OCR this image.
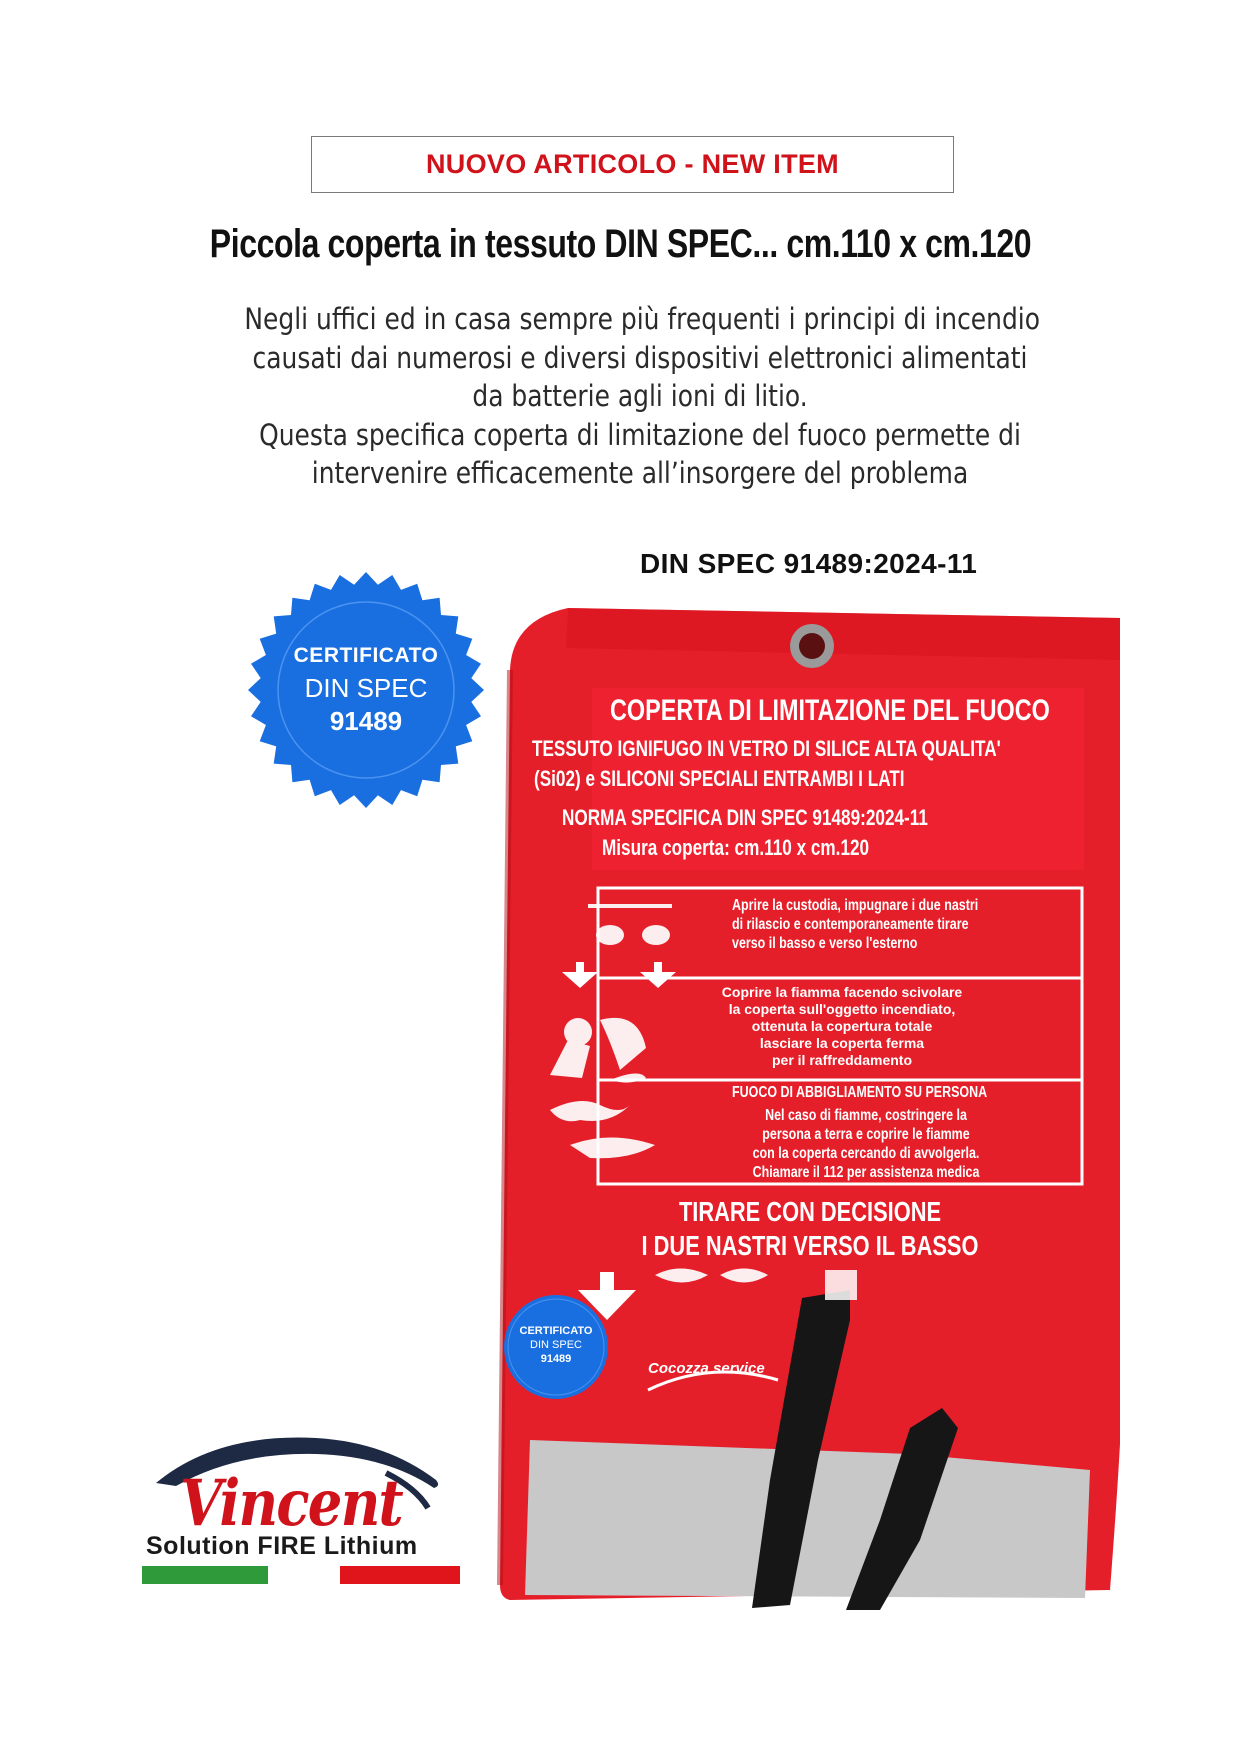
NUOVO ARTICOLO - NEW ITEM
Piccola coperta in tessuto DIN SPEC... cm.110 x cm.120
Negli uffici ed in casa sempre più frequenti i principi di incendio
causati dai numerosi e diversi dispositivi elettronici alimentati
da batterie agli ioni di litio.
Questa specifica coperta di limitazione del fuoco permette di
intervenire efficacemente all’insorgere del problema
DIN SPEC 91489:2024-11
CERTIFICATO
DIN SPEC
91489	COPERTA DI LIMITAZIONE DEL FUOCO
TESSUTO IGNIFUGO IN VETRO DI SILICE ALTA QUALITA'
(Si02) e SILICONI SPECIALI ENTRAMBI I LATI
NORMA SPECIFICA DIN SPEC 91489:2024-11
Misura coperta: cm.110 x cm.120
Aprire la custodia, impugnare i due nastri
di rilascio e contemporaneamente tirare
verso il basso e verso l'esterno
Coprire la fiamma facendo scivolare
la coperta sull'oggetto incendiato,
ottenuta la copertura totale
lasciare la coperta ferma
per il raffreddamento
FUOCO DI ABBIGLIAMENTO SU PERSONA
Nel caso di fiamme, costringere la
persona a terra e coprire le fiamme
con la coperta cercando di avvolgerla.
Chiamare il 112 per assistenza medica
TIRARE CON DECISIONE
I DUE NASTRI VERSO IL BASSO
CERTIFICATO
DIN SPEC
91489
Cocozza service
Vincent
Solution FIRE Lithium
